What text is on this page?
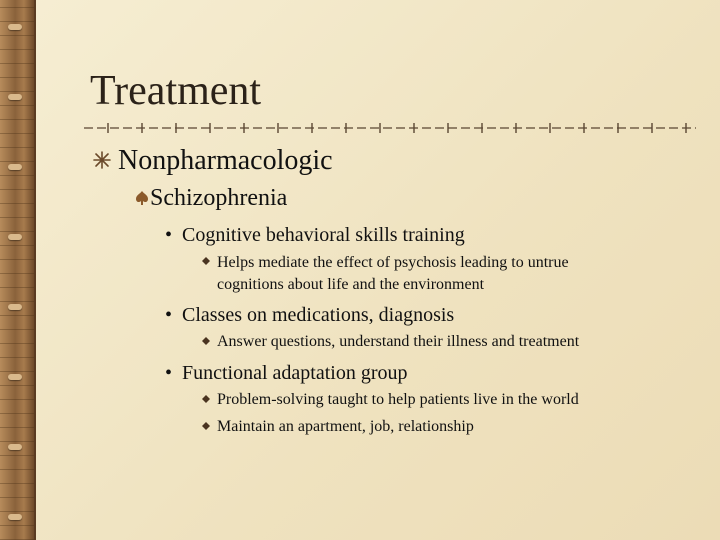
Treatment
Nonpharmacologic
Schizophrenia
• Cognitive behavioral skills training
Helps mediate the effect of psychosis leading to untrue
cognitions about life and the environment
• Classes on medications, diagnosis
Answer questions, understand their illness and treatment
• Functional adaptation group
Problem-solving taught to help patients live in the world
Maintain an apartment, job, relationship
